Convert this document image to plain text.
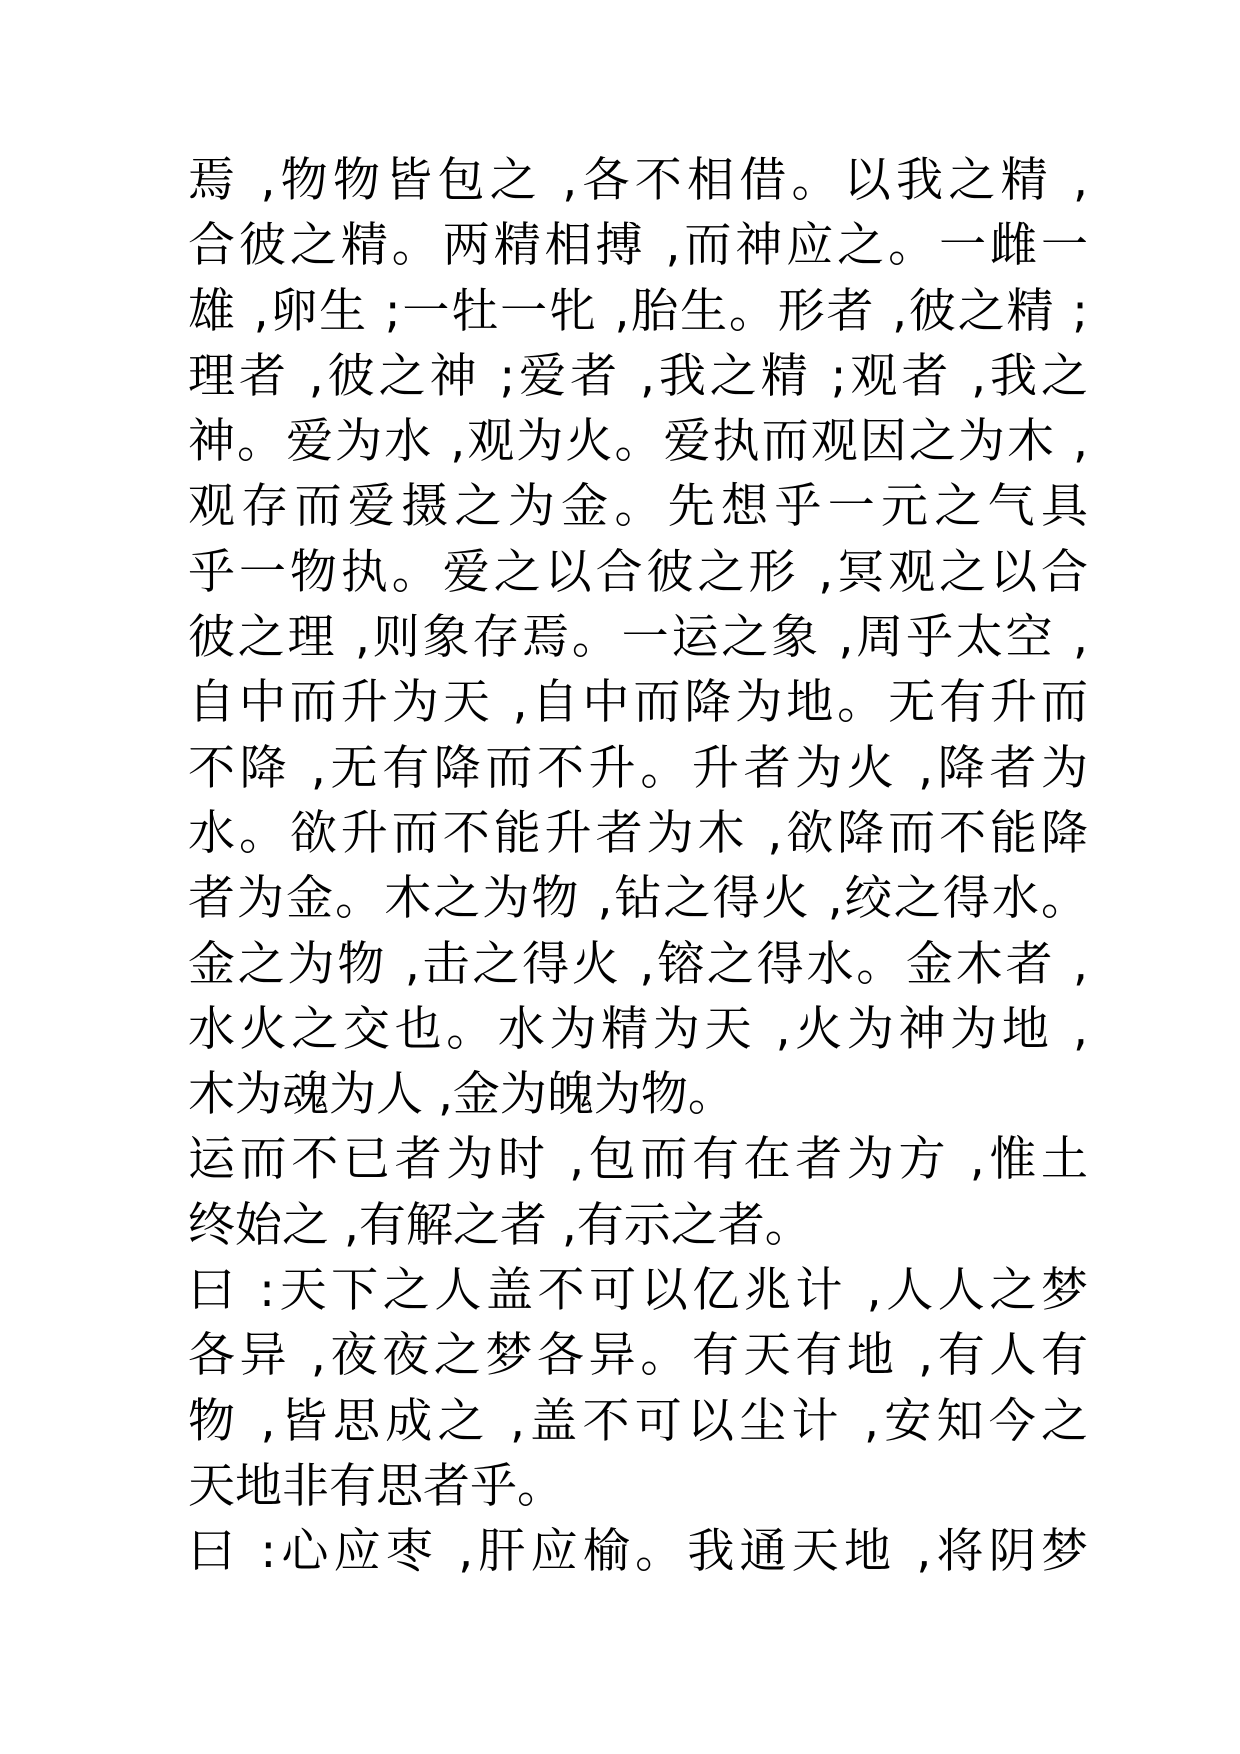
焉 ,物物皆包之 ,各不相借。以我之精 ,
合彼之精。两精相搏 ,而神应之。一雌一
雄 ,卵生 ;一牡一牝 ,胎生。形者 ,彼之精 ;
理者 ,彼之神 ;爱者 ,我之精 ;观者 ,我之
神。爱为水 ,观为火。爱执而观因之为木 ,
观存而爱摄之为金。先想乎一元之气具
乎一物执。爱之以合彼之形 ,冥观之以合
彼之理 ,则象存焉。一运之象 ,周乎太空 ,
自中而升为天 ,自中而降为地。无有升而
不降 ,无有降而不升。升者为火 ,降者为
水。欲升而不能升者为木 ,欲降而不能降
者为金。木之为物 ,钻之得火 ,绞之得水。
金之为物 ,击之得火 ,镕之得水。金木者 ,
水火之交也。水为精为天 ,火为神为地 ,
木为魂为人 ,金为魄为物。
运而不已者为时 ,包而有在者为方 ,惟土
终始之 ,有解之者 ,有示之者。
曰 :天下之人盖不可以亿兆计 ,人人之梦
各异 ,夜夜之梦各异。有天有地 ,有人有
物 ,皆思成之 ,盖不可以尘计 ,安知今之
天地非有思者乎。
曰 :心应枣 ,肝应榆。我通天地 ,将阴梦
